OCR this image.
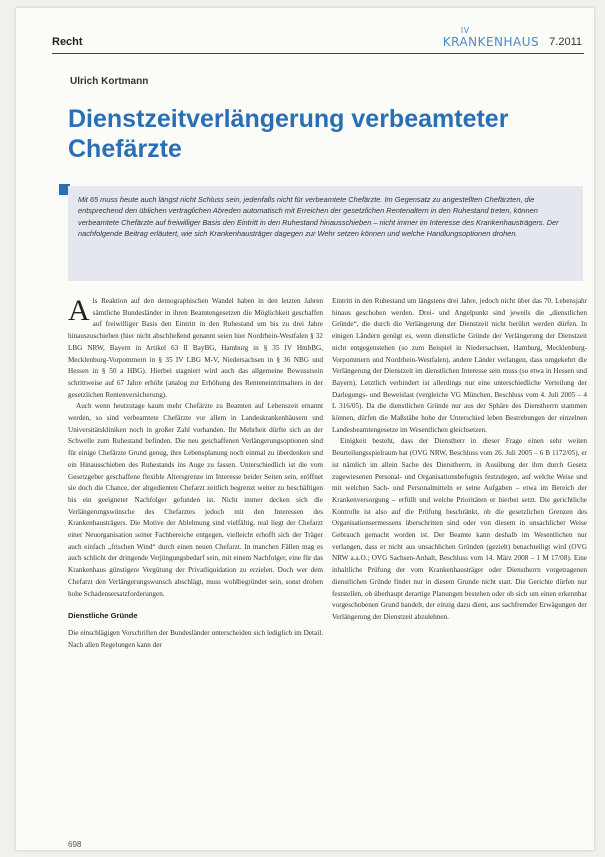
Recht
IV
KRANKENHAUS 7.2011
Ulrich Kortmann
Dienstzeitverlängerung verbeamteter Chefärzte
Mit 65 muss heute auch längst nicht Schluss sein, jedenfalls nicht für verbeamtete Chefärzte. Im Gegensatz zu angestellten Chefärzten, die entsprechend den üblichen vertraglichen Abreden automatisch mit Erreichen der gesetzlichen Rentenaltern in den Ruhestand treten, können verbeamtete Chefärzte auf freiwilliger Basis den Eintritt in den Ruhestand hinausschieben – nicht immer im Interesse des Krankenhausträgers. Der nachfolgende Beitrag erläutert, wie sich Krankenhausträger dagegen zur Wehr setzen können und welche Handlungsoptionen drohen.

Als Reaktion auf den demographischen Wandel haben in den letzten Jahren sämtliche Bundesländer in ihren Beamtengesetzen die Möglichkeit geschaffen auf freiwilliger Basis den Eintritt in den Ruhestand um bis zu drei Jahre hinauszuschieben (hier nicht abschließend genannt seien hier Nordrhein-Westfalen § 32 LBG NRW, Bayern in Artikel 63 II BayBG, Hamburg in § 35 IV HmbBG, Mecklenburg-Vorpommern in § 35 IV LBG M-V, Niedersachsen in § 36 NBG und Hessen in § 50 a HBG). Hierbei stagniert wird auch das allgemeine Bewusstsein schrittweise auf 67 Jahre erhöht (analog zur Erhöhung des Renteneintrittsalters in der gesetzlichen Rentenversicherung).

Auch wenn heutzutage kaum mehr Chefärzte zu Beamten auf Lebenszeit ernannt werden, so sind verbeamtete Chefärzte vor allem in Landeskrankenhäusern und Universitätskliniken noch in großer Zahl vorhanden. Ihr Mehrheit dürfte sich an der Schwelle zum Ruhestand befinden. Die neu geschaffenen Verlängerungsoptionen sind für einige Chefärzte Grund genug, ihre Lebensplanung noch einmal zu überdenken und ein Hinausschieben des Ruhestands ins Auge zu fassen. Unterschiedlich ist die vom Gesetzgeber geschaffene flexible Altersgrenze im Interesse beider Seiten sein, eröffnet sie doch die Chance, der altgedienten Chefarzt zeitlich begrenzt weiter zu beschäftigen bis ein geeigneter Nachfolger gefunden ist. Nicht immer decken sich die Verlängerungswünsche des Chefarztes jedoch mit den Interessen des Krankenhausträgers. Die Motive der Ablehnung sind vielfältig, real liegt der Chefarzt einer Neuorganisation seiner Fachbereiche entgegen, vielleicht erhofft sich der Träger auch einfach „frischen Wind“ durch einen neuen Chefarzt. In manchen Fällen mag es auch schlicht der dringende Verjüngungsbedarf sein, mit einem Nachfolger, eine für das Krankenhaus günstigere Vergütung der Privatliquidation zu erzielen. Doch wer dem Chefarzt den Verlängerungswunsch abschlägt, muss wohlbegründet sein, sonst drohen hohe Schadensersatzforderungen.

Dienstliche Gründe

Die einschlägigen Vorschriften der Bundesländer unterscheiden sich lediglich im Detail. Nach allen Regelungen kann der

Eintritt in den Ruhestand um längstens drei Jahre, jedoch nicht über das 70. Lebensjahr hinaus geschoben werden. Drei- und Angelpunkt sind jeweils die „dienstlichen Gründe“, die durch die Verlängerung der Dienstzeit nicht berührt werden dürfen. In einigen Ländern genügt es, wenn dienstliche Gründe der Verlängerung der Dienstzeit nicht entgegenstehen (so zum Beispiel in Niedersachsen, Hamburg, Mecklenburg-Vorpommern und Nordrhein-Westfalen), andere Länder verlangen, dass umgekehrt die Verlängerung der Dienstzeit im dienstlichen Interesse sein muss (so etwa in Hessen und Bayern). Letztlich verhindert ist allerdings nur eine unterschiedliche Verteilung der Darlegungs- und Beweislast (vergleiche VG München, Beschluss vom 4. Juli 2005 – 4 L 316/05). Da die dienstlichen Gründe nur aus der Sphäre des Dienstherrn stammen können, dürfen die Maßstäbe hohe der Unterschied leben Bestrebungen der einzelnen Landesbeamtengesetze im Wesentlichen gleichsetzen.

Einigkeit besteht, dass der Dienstherr in dieser Frage einen sehr weiten Beurteilungsspielraum hat (OVG NRW, Beschluss vom 26. Juli 2005 – 6 B 1172/05), er ist nämlich im allein Sache des Dienstherrn, in Ausübung der ihm durch Gesetz zugewiesenen Personal- und Organisationsbefugnis festzulegen, auf welche Weise und mit welchen Sach- und Personalmitteln er seine Aufgaben – etwa im Bereich der Krankenversorgung – erfüllt und welche Prioritäten er hierbei setzt. Die gerichtliche Kontrolle ist also auf die Prüfung beschränkt, ob die gesetzlichen Grenzen des Organisationsermessens überschritten sind oder von diesem in unsachlicher Weise Gebrauch gemacht worden ist. Der Beamte kann deshalb im Wesentlichen nur verlangen, dass er nicht aus unsachlichen Gründen (gezielt) benachteiligt wird (OVG NRW a.a.O.; OVG Sachsen-Anhalt, Beschluss vom 14. März 2008 – 1 M 17/08). Eine inhaltliche Prüfung der vom Krankenhausträger oder Dienstherrn vorgetragenen dienstlichen Gründe findet nur in diesem Grunde nicht statt. Die Gerichte dürfen nur feststellen, ob überhaupt derartige Planungen bestehen oder ob sich um einen erkennbar vorgeschobenen Grund handelt, der einzig dazu dient, aus sachfremder Erwägungen der Verlängerung der Dienstzeit abzulehnen.

698
